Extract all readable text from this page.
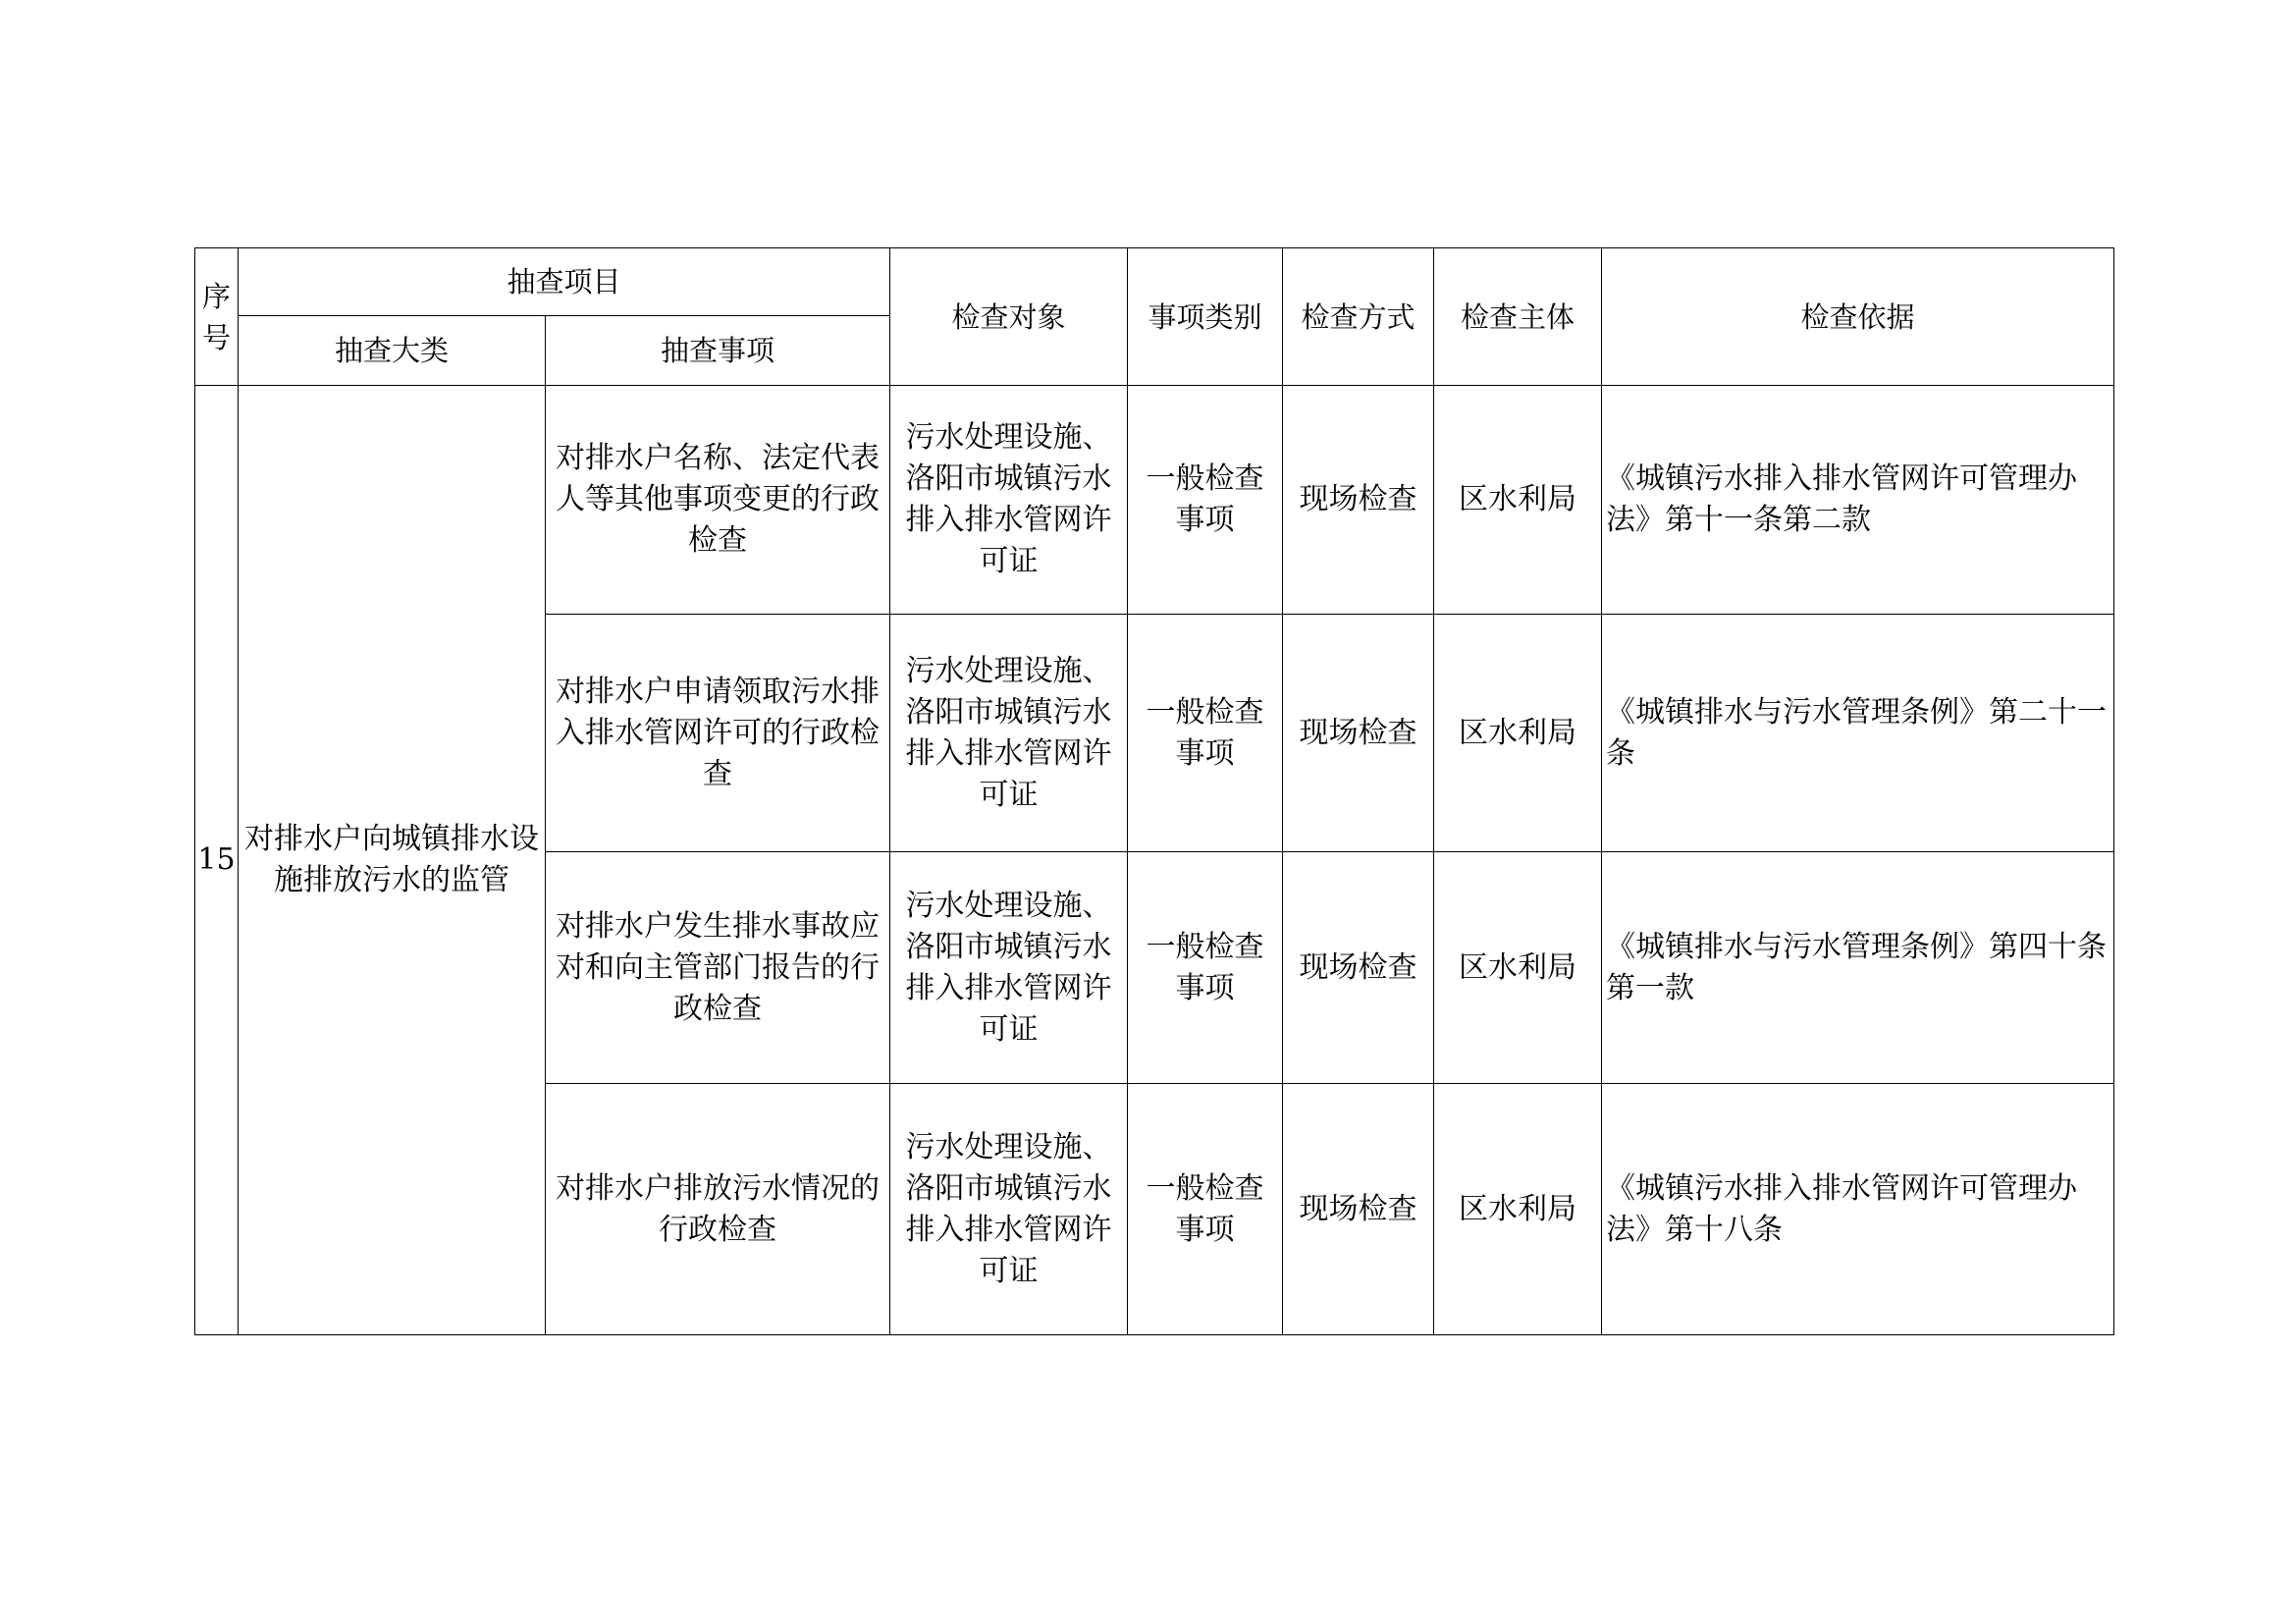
序号	抽查项目		检查对象	事项类别	检查方式	检查主体	检查依据
	抽查大类	抽查事项					
15	对排水户向城镇排水设施排放污水的监管	对排水户名称、法定代表人等其他事项变更的行政检查	污水处理设施、洛阳市城镇污水排入排水管网许可证	一般检查事项	现场检查	区水利局	《城镇污水排入排水管网许可管理办法》第十一条第二款
		对排水户申请领取污水排入排水管网许可的行政检查	污水处理设施、洛阳市城镇污水排入排水管网许可证	一般检查事项	现场检查	区水利局	《城镇排水与污水管理条例》第二十一条
		对排水户发生排水事故应对和向主管部门报告的行政检查	污水处理设施、洛阳市城镇污水排入排水管网许可证	一般检查事项	现场检查	区水利局	《城镇排水与污水管理条例》第四十条第一款
		对排水户排放污水情况的行政检查	污水处理设施、洛阳市城镇污水排入排水管网许可证	一般检查事项	现场检查	区水利局	《城镇污水排入排水管网许可管理办法》第十八条
